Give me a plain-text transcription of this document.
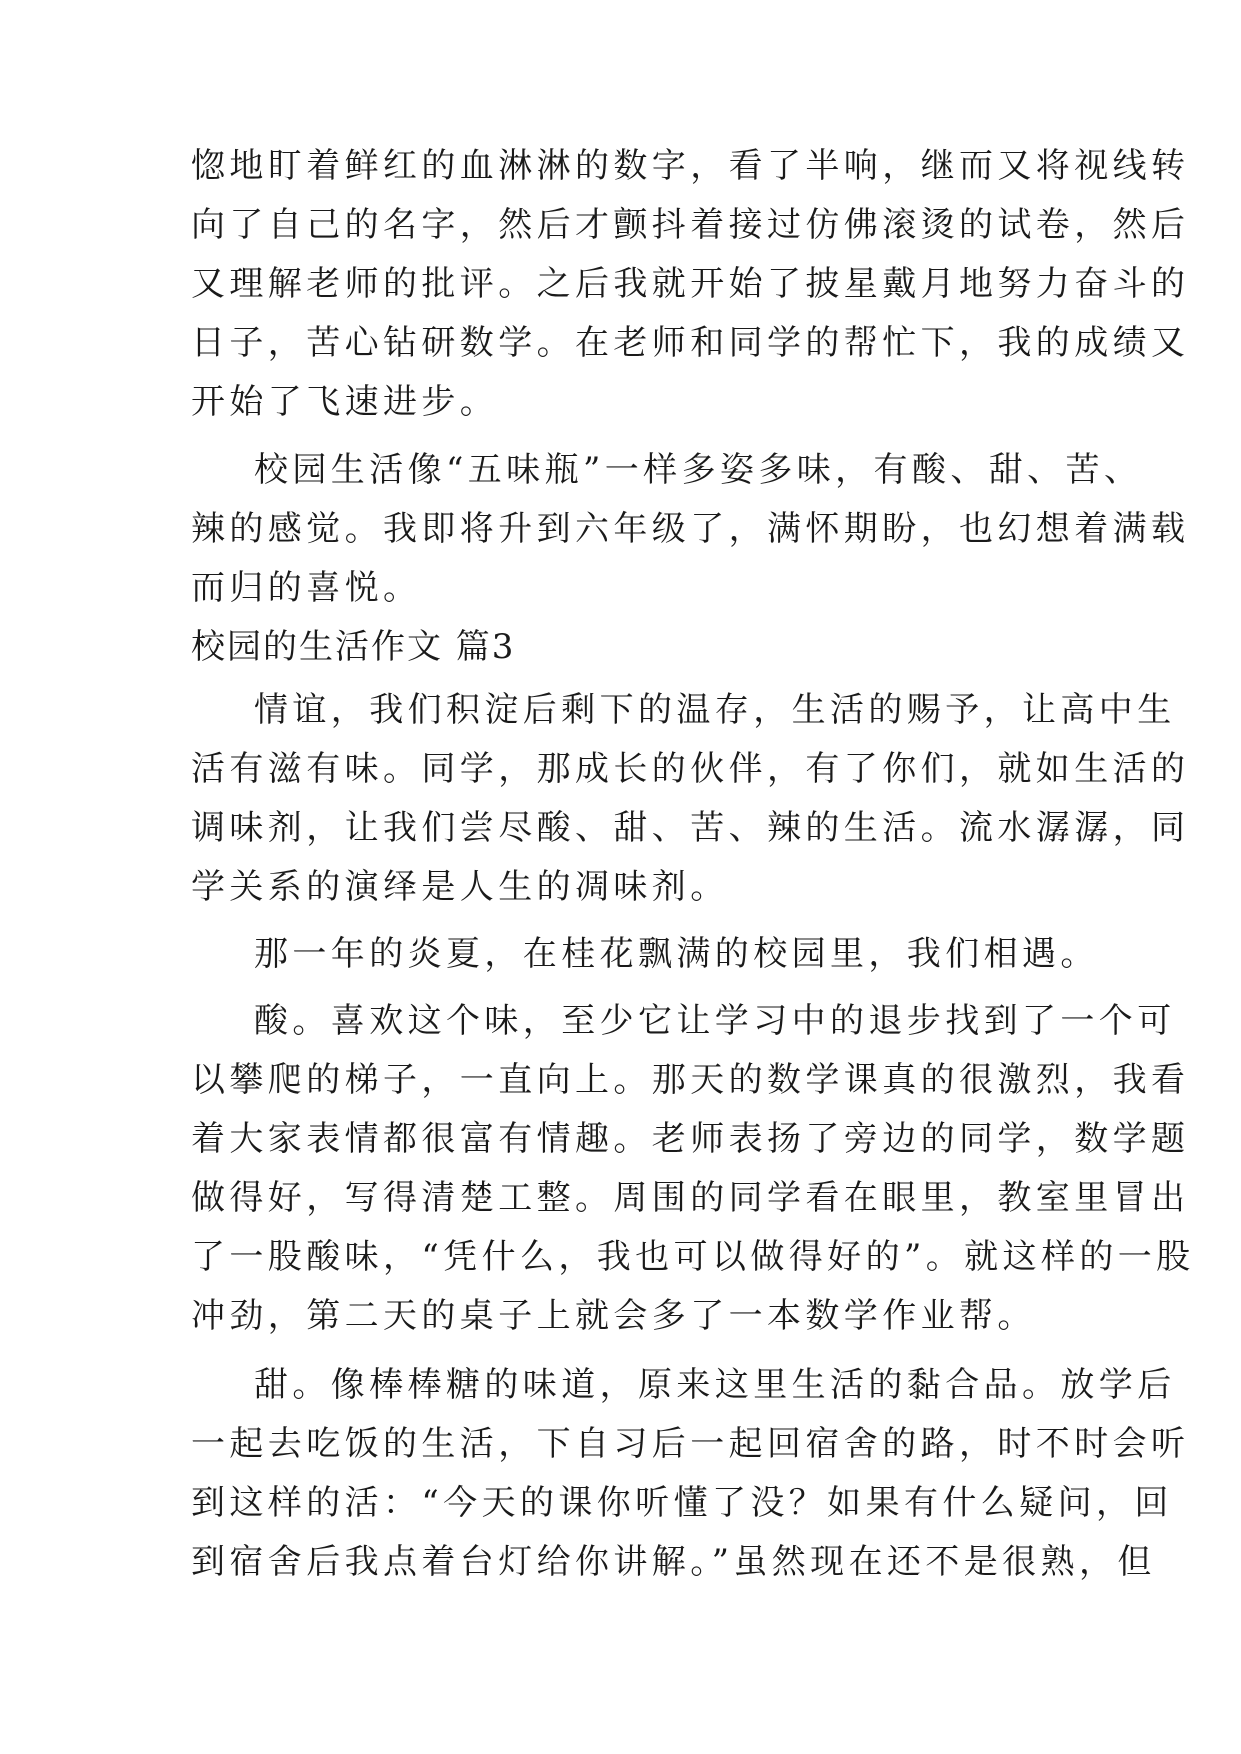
惚地盯着鲜红的血淋淋的数字，看了半响，继而又将视线转
向了自己的名字，然后才颤抖着接过仿佛滚烫的试卷，然后
又理解老师的批评。之后我就开始了披星戴月地努力奋斗的
日子，苦心钻研数学。在老师和同学的帮忙下，我的成绩又
开始了飞速进步。
校园生活像“五味瓶”一样多姿多味，有酸、甜、苦、
辣的感觉。我即将升到六年级了，满怀期盼，也幻想着满载
而归的喜悦。
校园的生活作文 篇3
情谊，我们积淀后剩下的温存，生活的赐予，让高中生
活有滋有味。同学，那成长的伙伴，有了你们，就如生活的
调味剂，让我们尝尽酸、甜、苦、辣的生活。流水潺潺，同
学关系的演绎是人生的凋味剂。
那一年的炎夏，在桂花飘满的校园里，我们相遇。
酸。喜欢这个味，至少它让学习中的退步找到了一个可
以攀爬的梯子，一直向上。那天的数学课真的很激烈，我看
着大家表情都很富有情趣。老师表扬了旁边的同学，数学题
做得好，写得清楚工整。周围的同学看在眼里，教室里冒出
了一股酸味，“凭什么，我也可以做得好的”。就这样的一股
冲劲，第二天的桌子上就会多了一本数学作业帮。
甜。像棒棒糖的味道，原来这里生活的黏合品。放学后
一起去吃饭的生活，下自习后一起回宿舍的路，时不时会听
到这样的活：“今天的课你听懂了没？如果有什么疑问，回
到宿舍后我点着台灯给你讲解。”虽然现在还不是很熟，但
